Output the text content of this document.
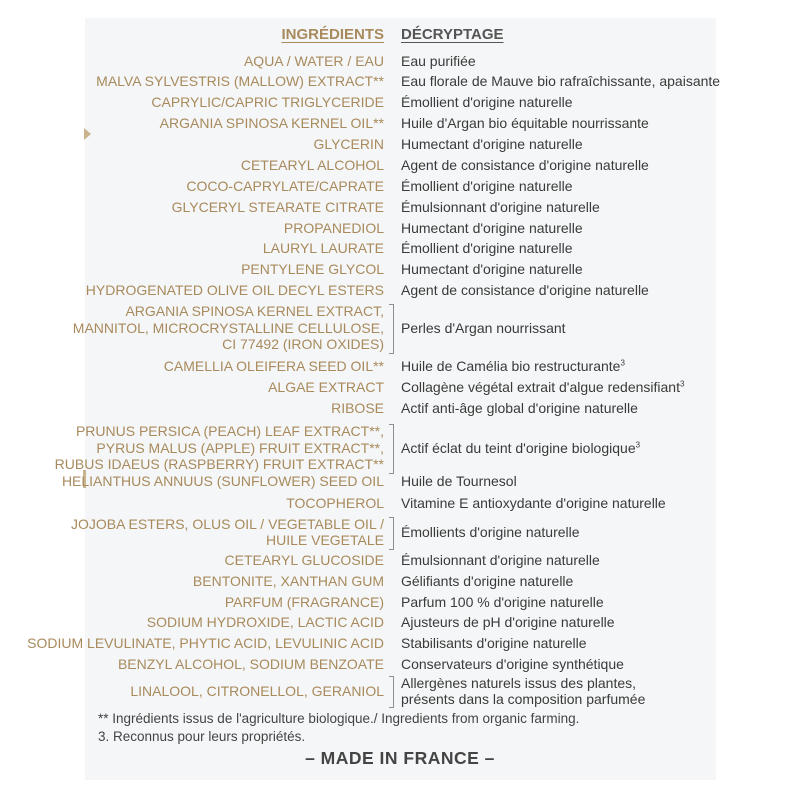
INGRÉDIENTS DÉCRYPTAGE
AQUA / WATER / EAU Eau purifiée
MALVA SYLVESTRIS (MALLOW) EXTRACT** Eau florale de Mauve bio rafraîchissante, apaisante
CAPRYLIC/CAPRIC TRIGLYCERIDE Émollient d'origine naturelle
ARGANIA SPINOSA KERNEL OIL** Huile d'Argan bio équitable nourrissante
GLYCERIN Humectant d'origine naturelle
CETEARYL ALCOHOL Agent de consistance d'origine naturelle
COCO-CAPRYLATE/CAPRATE Émollient d'origine naturelle
GLYCERYL STEARATE CITRATE Émulsionnant d'origine naturelle
PROPANEDIOL Humectant d'origine naturelle
LAURYL LAURATE Émollient d'origine naturelle
PENTYLENE GLYCOL Humectant d'origine naturelle
HYDROGENATED OLIVE OIL DECYL ESTERS Agent de consistance d'origine naturelle
ARGANIA SPINOSA KERNEL EXTRACT,
MANNITOL, MICROCRYSTALLINE CELLULOSE,
CI 77492 (IRON OXIDES)
Perles d'Argan nourrissant
CAMELLIA OLEIFERA SEED OIL** Huile de Camélia bio restructurante$^3$
ALGAE EXTRACT Collagène végétal extrait d'algue redensifiant$^3$
RIBOSE Actif anti-âge global d'origine naturelle
PRUNUS PERSICA (PEACH) LEAF EXTRACT**,
PYRUS MALUS (APPLE) FRUIT EXTRACT**,
RUBUS IDAEUS (RASPBERRY) FRUIT EXTRACT**
Actif éclat du teint d'origine biologique$^3$
HELIANTHUS ANNUUS (SUNFLOWER) SEED OIL Huile de Tournesol
TOCOPHEROL Vitamine E antioxydante d'origine naturelle
JOJOBA ESTERS, OLUS OIL / VEGETABLE OIL /
HUILE VEGETALE Émollients d'origine naturelle
CETEARYL GLUCOSIDE Émulsionnant d'origine naturelle
BENTONITE, XANTHAN GUM Gélifiants d'origine naturelle
PARFUM (FRAGRANCE) Parfum 100 % d'origine naturelle
SODIUM HYDROXIDE, LACTIC ACID Ajusteurs de pH d'origine naturelle
SODIUM LEVULINATE, PHYTIC ACID, LEVULINIC ACID Stabilisants d'origine naturelle
BENZYL ALCOHOL, SODIUM BENZOATE Conservateurs d'origine synthétique
LINALOOL, CITRONELLOL, GERANIOL Allergènes naturels issus des plantes,
présents dans la composition parfumée
** Ingrédients issus de l'agriculture biologique./ Ingredients from organic farming.
3. Reconnus pour leurs propriétés.
– MADE IN FRANCE –
